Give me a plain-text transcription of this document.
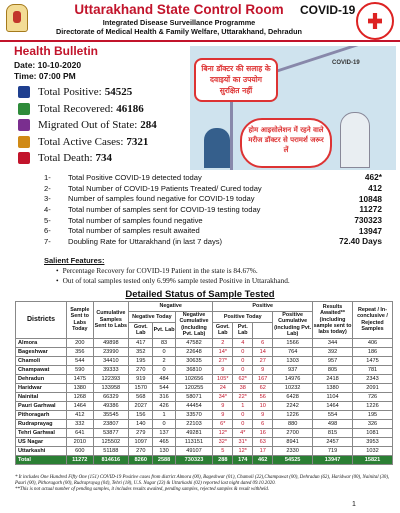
Uttarakhand State Control Room
Integrated Disease Surveillance Programme
Directorate of Medical Health & Family Welfare, Uttarakhand, Dehradun
COVID-19
Health Bulletin
Date: 10-10-2020
Time: 07:00 PM
Total Positive: 54525
Total Recovered: 46186
Migrated Out of State: 284
Total Active Cases: 7321
Total Death: 734
COVID-19
बिना डॉक्टर की सलाह के दवाइयों का उपयोग सुरक्षित नहीं
होम आइसोलेशन में रहने वाले मरीज डॉक्टर से परामर्श जरूर लें
1-	Total Positive COVID-19 detected today	462*
2-	Total Number of COVID-19 Patients Treated/ Cured today	412
3-	Number of samples found negative for COVID-19 today	10848
4-	Total number of samples sent for COVID-19 testing today	11272
5-	Total number of samples found negative	730323
6-	Total number of samples result awaited	13947
7-	Doubling Rate for Uttarakhand (in last 7 days)	72.40 Days
Salient Features:
• Percentage Recovery for COVID-19 Patient in the state is 84.67%.
• Out of total samples tested only 6.99% sample tested Positive in Uttarakhand.
Detailed Status of Sample Tested
Districts	Sample Sent to Labs Today	Cumulative Samples Sent to Labs	Negative			Positive				Results Awaited** (including sample sent to labs today)	Repeat / In-conclusive / Rejected Samples
			Negative Today		Negative Cumulative (including Pvt. Lab)	Positive Today			Positive Cumulative (including Pvt. Lab)		
			Govt. Lab	Pvt. Lab		Govt. Lab	Pvt. Lab				
Almora	200	49898	417	83	47582	2	4	6	1566	344	406
Bageshwar	356	23990	352	0	22648	14*	0	14	764	392	186
Chamoli	544	34410	195	2	30635	27*	0	27	1303	957	1475
Champawat	590	39333	270	0	36810	9	0	9	937	805	781
Dehradun	1475	122393	919	484	102656	105*	62*	167	14976	2418	2343
Haridwar	1380	133958	1570	544	120255	24	38	62	10232	1380	2091
Nainital	1268	66329	568	316	58071	34*	22*	56	6428	1104	726
Pauri Garhwal	1464	49386	2027	426	44454	9	1	10	2242	1464	1226
Pithoragarh	412	35545	156	1	33570	9	0	9	1226	554	195
Rudraprayag	332	23807	140	0	22103	6*	0	6	880	498	326
Tehri Garhwal	641	53877	279	137	49281	12*	4*	16	2700	815	1081
US Nagar	2010	125502	1097	465	113151	32*	31*	63	8941	2457	3953
Uttarkashi	600	51188	270	130	49107	5	12*	17	2330	719	1032
Total	11272	814616	8260	2588	730323	288	174	462	54525	13947	15821
* It includes One Hundred Fifty One (151) COVID-19 Positive cases from district Almora (00), Bageshwar (01), Chamoli (22),Champawat (00), Dehradun (62), Haridwar (00), Nainital (30), Pauri (00), Pithoragarh (00), Rudraprayag (04), Tehri (18), U.S. Nagar (23) & Uttarkashi (02) reported last night dated 09.10.2020.
**This is not actual number of pending samples, it includes results awaited, pending samples, rejected samples & result withheld.
1
